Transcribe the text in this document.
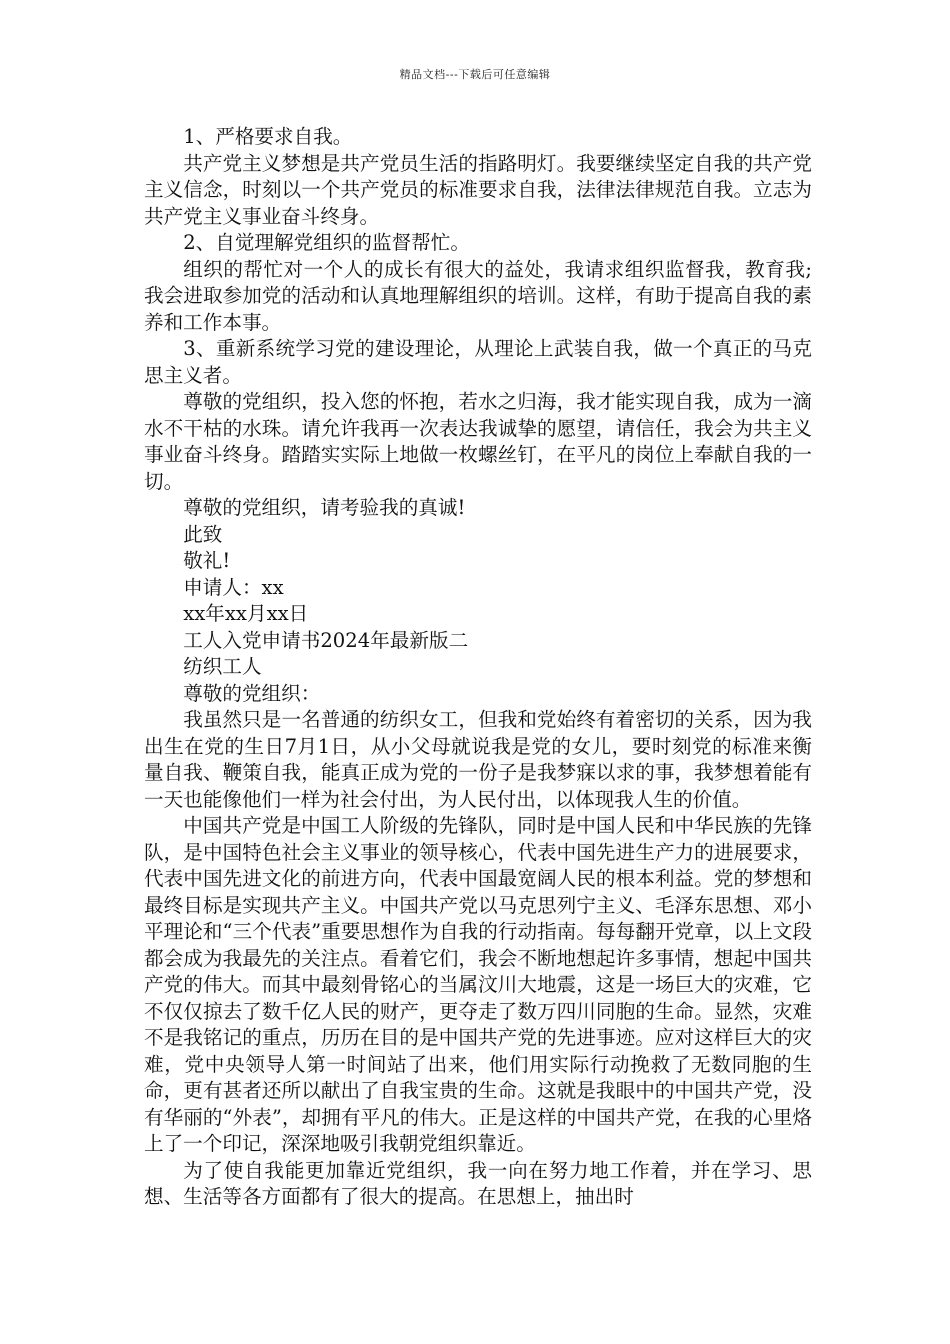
精品文档---下载后可任意编辑

1、严格要求自我。

共产党主义梦想是共产党员生活的指路明灯。我要继续坚定自我的共产党主义信念，时刻以一个共产党员的标准要求自我，法律法律规范自我。立志为共产党主义事业奋斗终身。

2、自觉理解党组织的监督帮忙。

组织的帮忙对一个人的成长有很大的益处，我请求组织监督我，教育我;我会进取参加党的活动和认真地理解组织的培训。这样，有助于提高自我的素养和工作本事。

3、重新系统学习党的建设理论，从理论上武装自我，做一个真正的马克思主义者。

尊敬的党组织，投入您的怀抱，若水之归海，我才能实现自我，成为一滴水不干枯的水珠。请允许我再一次表达我诚挚的愿望，请信任，我会为共主义事业奋斗终身。踏踏实实际上地做一枚螺丝钉，在平凡的岗位上奉献自我的一切。

尊敬的党组织，请考验我的真诚!

此致

敬礼!

申请人：xx

xx年xx月xx日

工人入党申请书2024年最新版二

纺织工人

尊敬的党组织：

我虽然只是一名普通的纺织女工，但我和党始终有着密切的关系，因为我出生在党的生日7月1日，从小父母就说我是党的女儿，要时刻党的标准来衡量自我、鞭策自我，能真正成为党的一份子是我梦寐以求的事，我梦想着能有一天也能像他们一样为社会付出，为人民付出，以体现我人生的价值。

中国共产党是中国工人阶级的先锋队，同时是中国人民和中华民族的先锋队，是中国特色社会主义事业的领导核心，代表中国先进生产力的进展要求，代表中国先进文化的前进方向，代表中国最宽阔人民的根本利益。党的梦想和最终目标是实现共产主义。中国共产党以马克思列宁主义、毛泽东思想、邓小平理论和“三个代表”重要思想作为自我的行动指南。每每翻开党章，以上文段都会成为我最先的关注点。看着它们，我会不断地想起许多事情，想起中国共产党的伟大。而其中最刻骨铭心的当属汶川大地震，这是一场巨大的灾难，它不仅仅掠去了数千亿人民的财产，更夺走了数万四川同胞的生命。显然，灾难不是我铭记的重点，历历在目的是中国共产党的先进事迹。应对这样巨大的灾难，党中央领导人第一时间站了出来，他们用实际行动挽救了无数同胞的生命，更有甚者还所以献出了自我宝贵的生命。这就是我眼中的中国共产党，没有华丽的“外表”，却拥有平凡的伟大。正是这样的中国共产党，在我的心里烙上了一个印记，深深地吸引我朝党组织靠近。

为了使自我能更加靠近党组织，我一向在努力地工作着，并在学习、思想、生活等各方面都有了很大的提高。在思想上，抽出时
